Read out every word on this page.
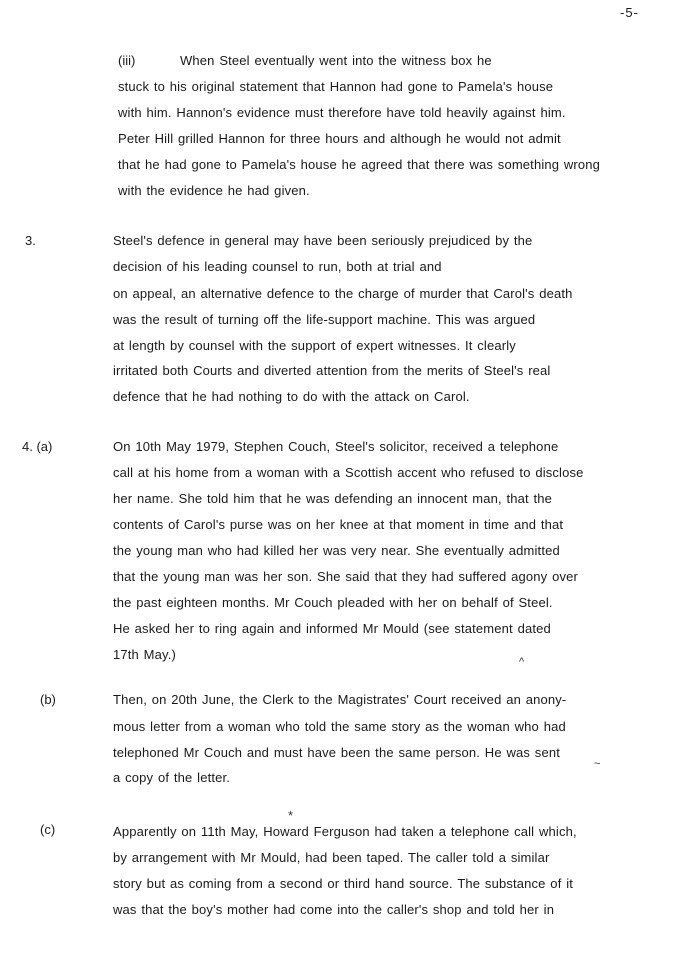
-5-
(iii)	When Steel eventually went into the witness box he
stuck to his original statement that Hannon had gone to Pamela's house
with him. Hannon's evidence must therefore have told heavily against him.
Peter Hill grilled Hannon for three hours and although he would not admit
that he had gone to Pamela's house he agreed that there was something wrong
with the evidence he had given.
3.	Steel's defence in general may have been seriously prejudiced by the
decision of his leading counsel to run, both at trial and
on appeal, an alternative defence to the charge of murder that Carol's death
was the result of turning off the life-support machine. This was argued
at length by counsel with the support of expert witnesses. It clearly
irritated both Courts and diverted attention from the merits of Steel's real
defence that he had nothing to do with the attack on Carol.
4. (a)	On 10th May 1979, Stephen Couch, Steel's solicitor, received a telephone
call at his home from a woman with a Scottish accent who refused to disclose
her name. She told him that he was defending an innocent man, that the
contents of Carol's purse was on her knee at that moment in time and that
the young man who had killed her was very near. She eventually admitted
that the young man was her son. She said that they had suffered agony over
the past eighteen months. Mr Couch pleaded with her on behalf of Steel.
He asked her to ring again and informed Mr Mould (see statement dated
17th May.)	^
(b)	Then, on 20th June, the Clerk to the Magistrates' Court received an anony-
mous letter from a woman who told the same story as the woman who had
telephoned Mr Couch and must have been the same person. He was sent
a copy of the letter.
~
(c)
*
Apparently on 11th May, Howard Ferguson had taken a telephone call which,
by arrangement with Mr Mould, had been taped. The caller told a similar
story but as coming from a second or third hand source. The substance of it
was that the boy's mother had come into the caller's shop and told her in
